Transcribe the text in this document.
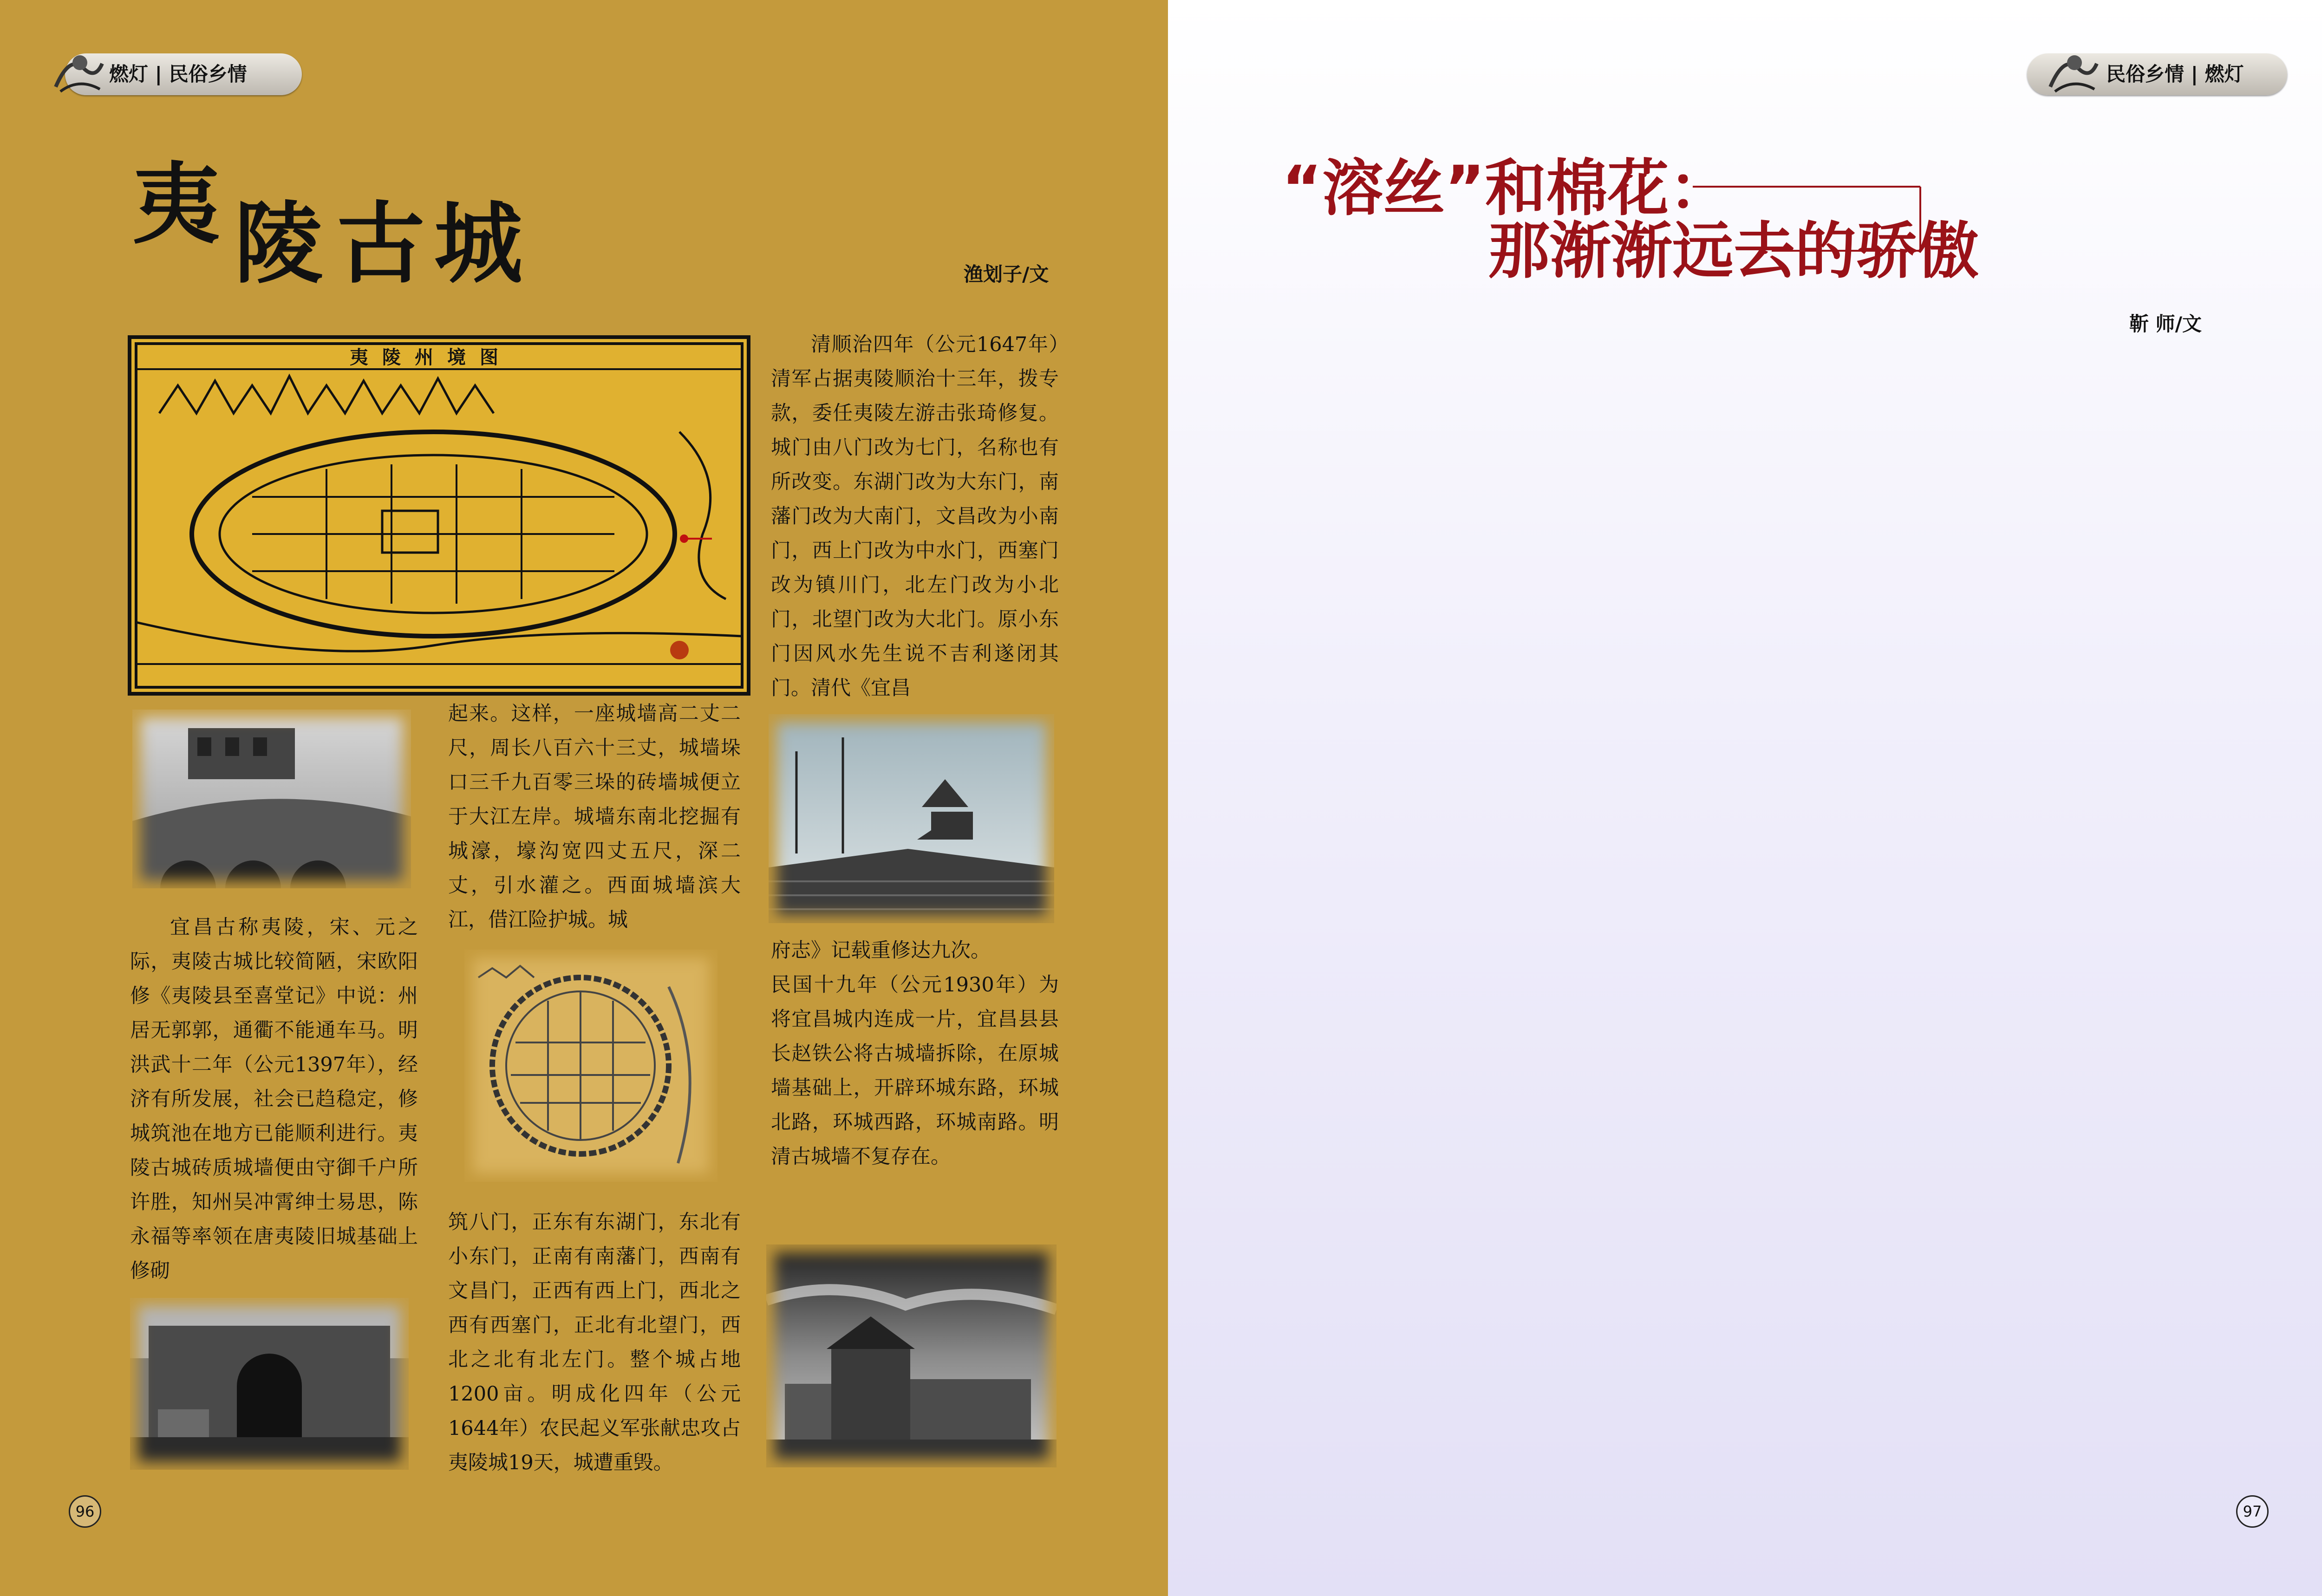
燃灯 | 民俗乡情
夷 陵 古 城	渔划子/文
夷陵州境图

宜昌古称夷陵，宋、元之际，夷陵古城比较简陋，宋欧阳修《夷陵县至喜堂记》中说：州居无郭郭，通衢不能通车马。明洪武十二年（公元1397年），经济有所发展，社会已趋稳定，修城筑池在地方已能顺利进行。夷陵古城砖质城墙便由守御千户所许胜，知州吴冲霄绅士易思，陈永福等率领在唐夷陵旧城基础上修砌

起来。这样，一座城墙高二丈二尺，周长八百六十三丈，城墙垛口三千九百零三垛的砖墙城便立于大江左岸。城墙东南北挖掘有城濠，壕沟宽四丈五尺，深二丈，引水灌之。西面城墙滨大江，借江险护城。城

筑八门，正东有东湖门，东北有小东门，正南有南藩门，西南有文昌门，正西有西上门，西北之西有西塞门，正北有北望门，西北之北有北左门。整个城占地1200亩。明成化四年（公元1644年）农民起义军张献忠攻占夷陵城19天，城遭重毁。

清顺治四年（公元1647年）清军占据夷陵顺治十三年，拨专款，委任夷陵左游击张琦修复。城门由八门改为七门，名称也有所改变。东湖门改为大东门，南藩门改为大南门，文昌改为小南门，西上门改为中水门，西塞门改为镇川门，北左门改为小北门，北望门改为大北门。原小东门因风水先生说不吉利遂闭其门。清代《宜昌

府志》记载重修达九次。
民国十九年（公元1930年）为将宜昌城内连成一片，宜昌县县长赵铁公将古城墙拆除，在原城墙基础上，开辟环城东路，环城北路，环城西路，环城南路。明清古城墙不复存在。

96
民俗乡情 | 燃灯
“溶丝”和棉花：
那渐渐远去的骄傲
靳 师/文

97
